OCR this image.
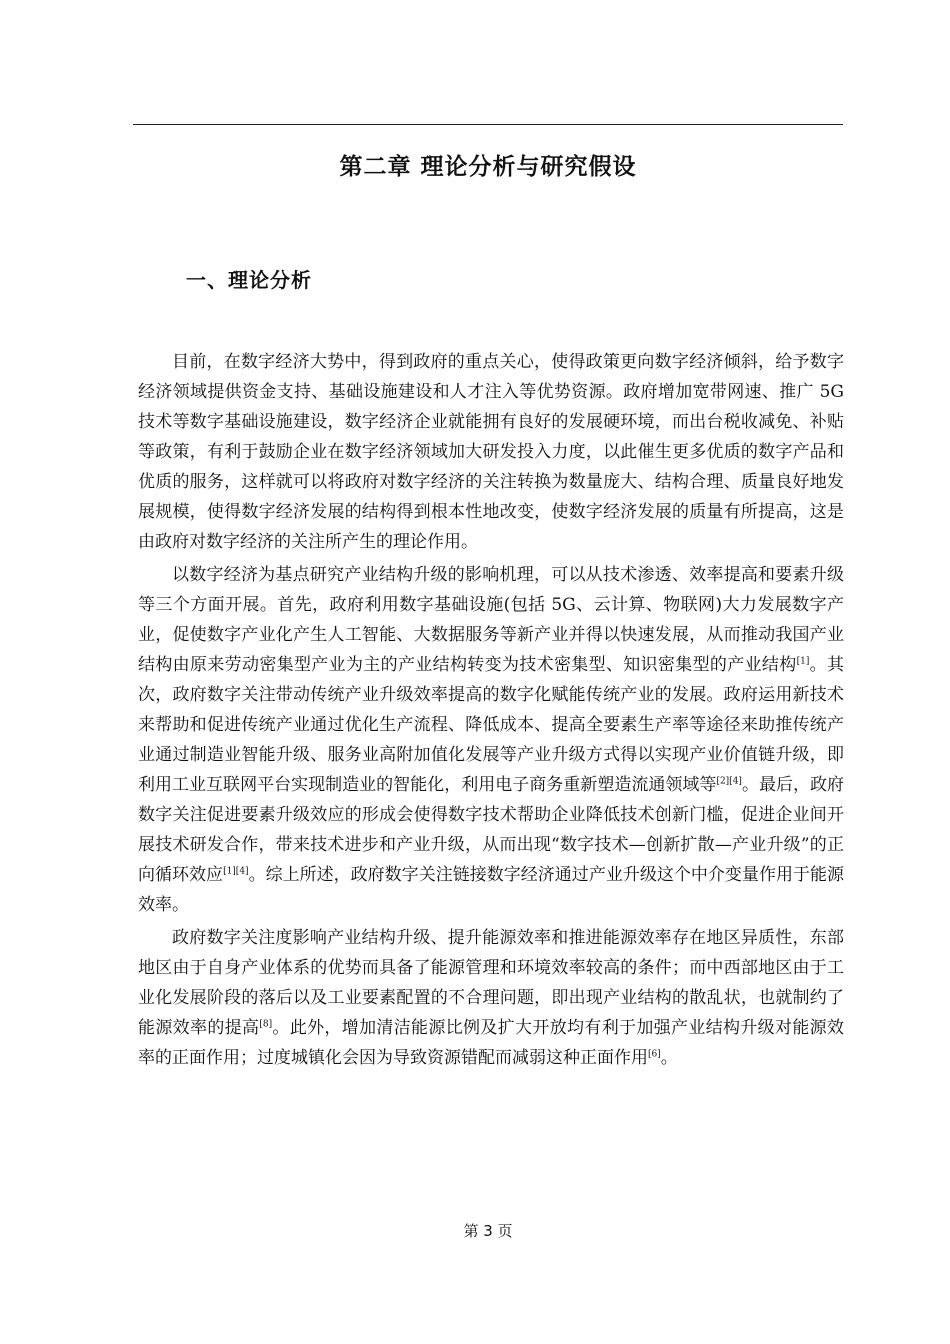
第二章 理论分析与研究假设
一、理论分析

目前，在数字经济大势中，得到政府的重点关心，使得政策更向数字经济倾斜，给予数字经济领域提供资金支持、基础设施建设和人才注入等优势资源。政府增加宽带网速、推广 5G 技术等数字基础设施建设，数字经济企业就能拥有良好的发展硬环境，而出台税收减免、补贴等政策，有利于鼓励企业在数字经济领域加大研发投入力度，以此催生更多优质的数字产品和优质的服务，这样就可以将政府对数字经济的关注转换为数量庞大、结构合理、质量良好地发展规模，使得数字经济发展的结构得到根本性地改变，使数字经济发展的质量有所提高，这是由政府对数字经济的关注所产生的理论作用。

以数字经济为基点研究产业结构升级的影响机理，可以从技术渗透、效率提高和要素升级等三个方面开展。首先，政府利用数字基础设施(包括 5G、云计算、物联网)大力发展数字产业，促使数字产业化产生人工智能、大数据服务等新产业并得以快速发展，从而推动我国产业结构由原来劳动密集型产业为主的产业结构转变为技术密集型、知识密集型的产业结构[1]。其次，政府数字关注带动传统产业升级效率提高的数字化赋能传统产业的发展。政府运用新技术来帮助和促进传统产业通过优化生产流程、降低成本、提高全要素生产率等途径来助推传统产业通过制造业智能升级、服务业高附加值化发展等产业升级方式得以实现产业价值链升级，即利用工业互联网平台实现制造业的智能化，利用电子商务重新塑造流通领域等[2][4]。最后，政府数字关注促进要素升级效应的形成会使得数字技术帮助企业降低技术创新门槛，促进企业间开展技术研发合作，带来技术进步和产业升级，从而出现“数字技术—创新扩散—产业升级”的正向循环效应[1][4]。综上所述，政府数字关注链接数字经济通过产业升级这个中介变量作用于能源效率。

政府数字关注度影响产业结构升级、提升能源效率和推进能源效率存在地区异质性，东部地区由于自身产业体系的优势而具备了能源管理和环境效率较高的条件；而中西部地区由于工业化发展阶段的落后以及工业要素配置的不合理问题，即出现产业结构的散乱状，也就制约了能源效率的提高[8]。此外，增加清洁能源比例及扩大开放均有利于加强产业结构升级对能源效率的正面作用；过度城镇化会因为导致资源错配而减弱这种正面作用[6]。

第 3 页
